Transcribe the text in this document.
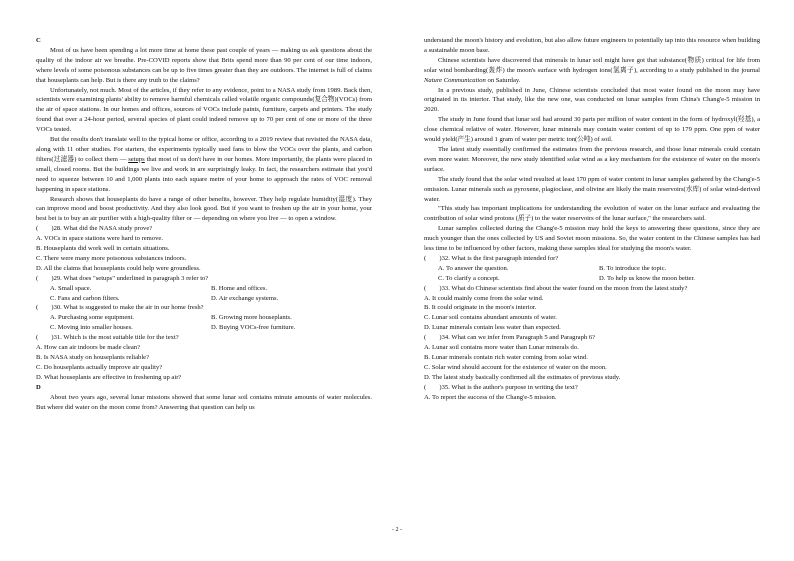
C

Most of us have been spending a lot more time at home these past couple of years — making us ask questions about the quality of the indoor air we breathe. Pre-COVID reports show that Brits spend more than 90 per cent of our time indoors, where levels of some poisonous substances can be up to five times greater than they are outdoors. The internet is full of claims that houseplants can help. But is there any truth to the claims?

Unfortunately, not much. Most of the articles, if they refer to any evidence, point to a NASA study from 1989. Back then, scientists were examining plants' ability to remove harmful chemicals called volatile organic compounds(复合物)(VOCs) from the air of space stations. In our homes and offices, sources of VOCs include paints, furniture, carpets and printers. The study found that over a 24-hour period, several species of plant could indeed remove up to 70 per cent of one or more of the three VOCs tested.

But the results don't translate well to the typical home or office, according to a 2019 review that revisited the NASA data, along with 11 other studies. For starters, the experiments typically used fans to blow the VOCs over the plants, and carbon filters(过滤器) to collect them — setups that most of us don't have in our homes. More importantly, the plants were placed in small, closed rooms. But the buildings we live and work in are surprisingly leaky. In fact, the researchers estimate that you'd need to squeeze between 10 and 1,000 plants into each square metre of your home to approach the rates of VOC removal happening in space stations.

Research shows that houseplants do have a range of other benefits, however. They help regulate humidity(湿度). They can improve mood and boost productivity. And they also look good. But if you want to freshen up the air in your home, your best bet is to buy an air purifier with a high-quality filter or — depending on where you live — to open a window.

(　　)28. What did the NASA study prove?

A. VOCs in space stations were hard to remove.

B. Houseplants did work well in certain situations.

C. There were many more poisonous substances indoors.

D. All the claims that houseplants could help were groundless.

(　　)29. What does "setups" underlined in paragraph 3 refer to?

A. Small space.	B. Home and offices.
C. Fans and carbon filters.	D. Air exchange systems.

(　　)30. What is suggested to make the air in our home fresh?

A. Purchasing some equipment.	B. Growing more houseplants.
C. Moving into smaller houses.	D. Buying VOCs-free furniture.

(　　)31. Which is the most suitable title for the text?

A. How can air indoors be made clean?

B. Is NASA study on houseplants reliable?

C. Do houseplants actually improve air quality?

D. What houseplants are effective in freshening up air?

D

About two years ago, several lunar missions showed that some lunar soil contains minute amounts of water molecules. But where did water on the moon come from? Answering that question can help us

understand the moon's history and evolution, but also allow future engineers to potentially tap into this resource when building a sustainable moon base.

Chinese scientists have discovered that minerals in lunar soil might have got that substance(物质) critical for life from solar wind bombarding(轰炸) the moon's surface with hydrogen ions(氢离子), according to a study published in the journal Nature Communication on Saturday.

In a previous study, published in June, Chinese scientists concluded that most water found on the moon may have originated in its interior. That study, like the new one, was conducted on lunar samples from China's Chang'e-5 mission in 2020.

The study in June found that lunar soil had around 30 parts per million of water content in the form of hydroxyl(羟基), a close chemical relative of water. However, lunar minerals may contain water content of up to 179 ppm. One ppm of water would yield(产生) around 1 gram of water per metric ton(公吨) of soil.

The latest study essentially confirmed the estimates from the previous research, and those lunar minerals could contain even more water. Moreover, the new study identified solar wind as a key mechanism for the existence of water on the moon's surface.

The study found that the solar wind resulted at least 170 ppm of water content in lunar samples gathered by the Chang'e-5 omission. Lunar minerals such as pyroxene, plagioclase, and olivine are likely the main reservoirs(水库) of solar wind-derived water.

"This study has important implications for understanding the evolution of water on the lunar surface and evaluating the contribution of solar wind protons (质子) to the water reservoirs of the lunar surface," the researchers said.

Lunar samples collected during the Chang'e-5 mission may hold the keys to answering these questions, since they are much younger than the ones collected by US and Soviet moon missions. So, the water content in the Chinese samples has had less time to be influenced by other factors, making these samples ideal for studying the moon's water.

(　　)32. What is the first paragraph intended for?

A. To answer the question.	B. To introduce the topic.
C. To clarify a concept.	D. To help us know the moon better.

(　　)33. What do Chinese scientists find about the water found on the moon from the latest study?

A. It could mainly come from the solar wind.

B. It could originate in the moon's interior.

C. Lunar soil contains abundant amounts of water.

D. Lunar minerals contain less water than expected.

(　　)34. What can we infer from Paragraph 5 and Paragraph 6?

A. Lunar soil contains more water than Lunar minerals do.

B. Lunar minerals contain rich water coming from solar wind.

C. Solar wind should account for the existence of water on the moon.

D. The latest study basically confirmed all the estimates of previous study.

(　　)35. What is the author's purpose in writing the text?

A. To report the success of the Chang'e-5 mission.

- 2 -
